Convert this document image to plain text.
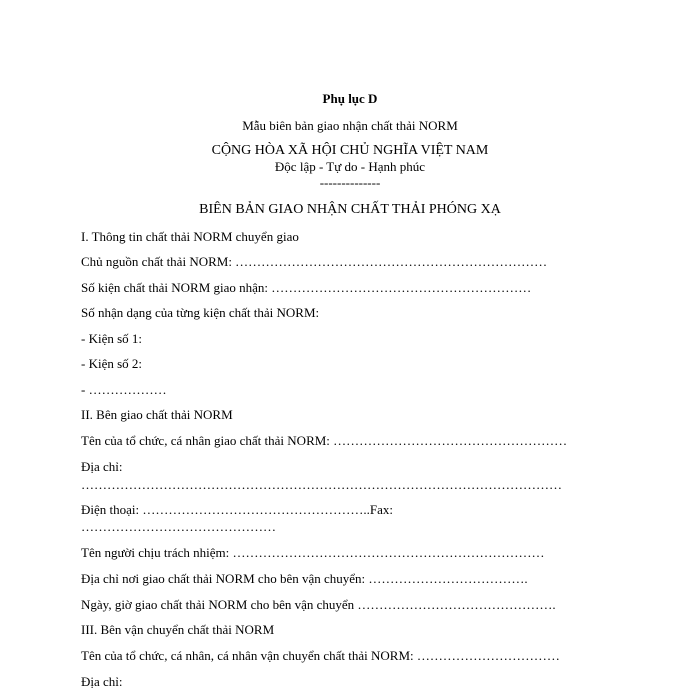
Phụ lục D
Mẫu biên bản giao nhận chất thải NORM
CỘNG HÒA XÃ HỘI CHỦ NGHĨA VIỆT NAM
Độc lập - Tự do - Hạnh phúc
--------------
BIÊN BẢN GIAO NHẬN CHẤT THẢI PHÓNG XẠ
I. Thông tin chất thải NORM chuyển giao
Chủ nguồn chất thải NORM: ………………………………………………………………
Số kiện chất thải NORM giao nhận: ……………………………………………………
Số nhận dạng của từng kiện chất thải NORM:
- Kiện số 1:
- Kiện số 2:
- ………………
II. Bên giao chất thải NORM
Tên của tổ chức, cá nhân giao chất thải NORM: ………………………………………………
Địa chỉ:
…………………………………………………………………………………………………
Điện thoại: ……………………………………………..Fax:
………………………………………
Tên người chịu trách nhiệm: ………………………………………………………………
Địa chỉ nơi giao chất thải NORM cho bên vận chuyển: ……………………………….
Ngày, giờ giao chất thải NORM cho bên vận chuyển ……………………………………….
III. Bên vận chuyển chất thải NORM
Tên của tổ chức, cá nhân, cá nhân vận chuyển chất thải NORM: ……………………………
Địa chỉ:
